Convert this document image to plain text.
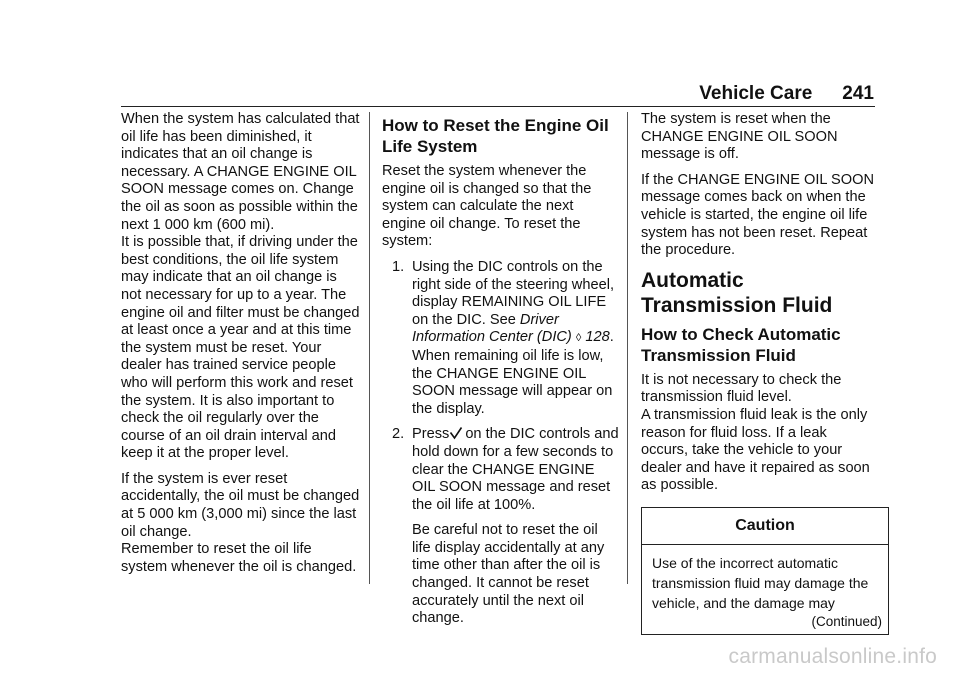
Vehicle Care 241

When the system has calculated that oil life has been diminished, it indicates that an oil change is necessary. A CHANGE ENGINE OIL SOON message comes on. Change the oil as soon as possible within the next 1 000 km (600 mi).

It is possible that, if driving under the best conditions, the oil life system may indicate that an oil change is not necessary for up to a year. The engine oil and filter must be changed at least once a year and at this time the system must be reset. Your dealer has trained service people who will perform this work and reset the system. It is also important to check the oil regularly over the course of an oil drain interval and keep it at the proper level.

If the system is ever reset accidentally, the oil must be changed at 5 000 km (3,000 mi) since the last oil change.

Remember to reset the oil life system whenever the oil is changed.

How to Reset the Engine Oil Life System

Reset the system whenever the engine oil is changed so that the system can calculate the next engine oil change. To reset the system:

1. Using the DIC controls on the right side of the steering wheel, display REMAINING OIL LIFE on the DIC. See Driver Information Center (DIC) ◊ 128.

When remaining oil life is low, the CHANGE ENGINE OIL SOON message will appear on the display.

2. Press on the DIC controls and hold down for a few seconds to clear the CHANGE ENGINE OIL SOON message and reset the oil life at 100%.

Be careful not to reset the oil life display accidentally at any time other than after the oil is changed. It cannot be reset accurately until the next oil change.

The system is reset when the CHANGE ENGINE OIL SOON message is off.

If the CHANGE ENGINE OIL SOON message comes back on when the vehicle is started, the engine oil life system has not been reset. Repeat the procedure.

Automatic Transmission Fluid
How to Check Automatic Transmission Fluid

It is not necessary to check the transmission fluid level.

A transmission fluid leak is the only reason for fluid loss. If a leak occurs, take the vehicle to your dealer and have it repaired as soon as possible.

Caution
Use of the incorrect automatic transmission fluid may damage the vehicle, and the damage may
(Continued)
carmanualsonline.info
